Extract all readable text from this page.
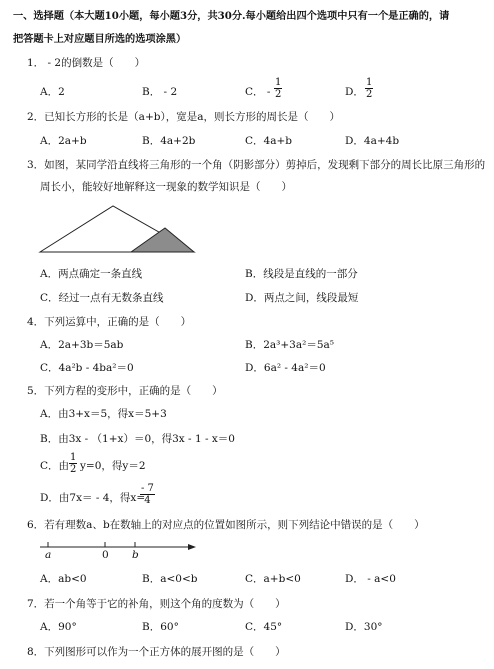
一、选择题（本大题10小题，每小题3分，共30分.每小题给出四个选项中只有一个是正确的，请
把答题卡上对应题目所选的选项涂黑）
1． - 2的倒数是（　　）
A．2	B． - 2	C． -
1
2	D．
1
2
2．已知长方形的长是（a+b），宽是a，则长方形的周长是（　　）
A．2a+b	B．4a+2b	C．4a+b	D．4a+4b
3．如图，某同学沿直线将三角形的一个角（阴影部分）剪掉后，发现剩下部分的周长比原三角形的
周长小，能较好地解释这一现象的数学知识是（　　）
A．两点确定一条直线	B．线段是直线的一部分
C．经过一点有无数条直线	D．两点之间，线段最短
4．下列运算中，正确的是（　　）
A．2a+3b＝5ab	B．2a³+3a²＝5a⁵
C．4a²b - 4ba²＝0	D．6a² - 4a²＝0
5．下列方程的变形中，正确的是（　　）
A．由3+x＝5，得x＝5+3
B．由3x - （1+x）＝0，得3x - 1 - x＝0
C．由
1
2 y=0，得y＝2
D．由7x＝ - 4，得x=
- 7
4
6．若有理数a、b在数轴上的对应点的位置如图所示，则下列结论中错误的是（　　）
a	0 b
A．ab<0	B．a<0<b	C．a+b<0	D． - a<0
7．若一个角等于它的补角，则这个角的度数为（　　）
A．90°	B．60°	C．45°	D．30°
8．下列图形可以作为一个正方体的展开图的是（　　）
